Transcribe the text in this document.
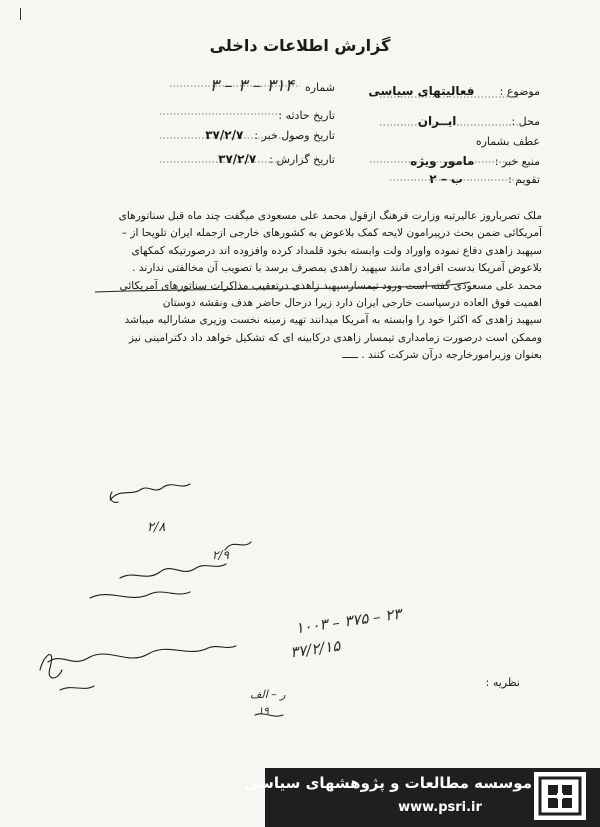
گزارش اطلاعات داخلی
موضوع : فعالیتهای سیاسی
محل : ایــران
عطف بشماره
منبع خبر : مامور ویژه
تقویم : ب – ۲
شماره ۳۱۴ – ۳ – ۳
تاریخ حادثه :
تاریخ وصول خبر : ۳۷/۲/۷
تاریخ گزارش : ۳۷/۲/۷

ملک تصرباروز عالیرتبه وزارت فرهنگ ازقول محمد علی مسعودی میگفت چند ماه قبل سناتورهای

آمریکائی ضمن بحث درپیرامون لایحه کمک بلاعوض به کشورهای خارجی ازجمله ایران تلویحا از –

سپهبد زاهدی دفاع نموده واوراد ولت وابسته بخود قلمداد کرده وافزوده اند درصورتیکه کمکهای

بلاعوض آمریکا بدست افرادی مانند سپهبد زاهدی بمصرف برسد با تصویب آن مخالفتی ندارند .

محمد علی مسعودی گفته است ورود تیمسارسپهبد زاهدی درتعقیب مذاکرات سناتورهای آمریکائی

اهمیت فوق العاده درسیاست خارجی ایران دارد زیرا درحال حاضر هدف ونقشه دوستان

سپهبد زاهدی که اکثرا خود را وابسته به آمریکا میدانند تهیه زمینه نخست وزیری مشارالیه میباشد

وممکن است درصورت زمامداری تیمسار زاهدی درکابینه ای که تشکیل خواهد داد دکترامینی نیز

بعنوان وزیرامورخارجه درآن شرکت کنند . ـــــ

۲/۸
۲/۹
۱۰۰۳ – ۳۷۵ – ۲۳
۳۷/۲/۱۵
ر – الف
۱۹
نظریه :
موسسه مطالعات و پژوهشهای سیاسی
www.psri.ir
